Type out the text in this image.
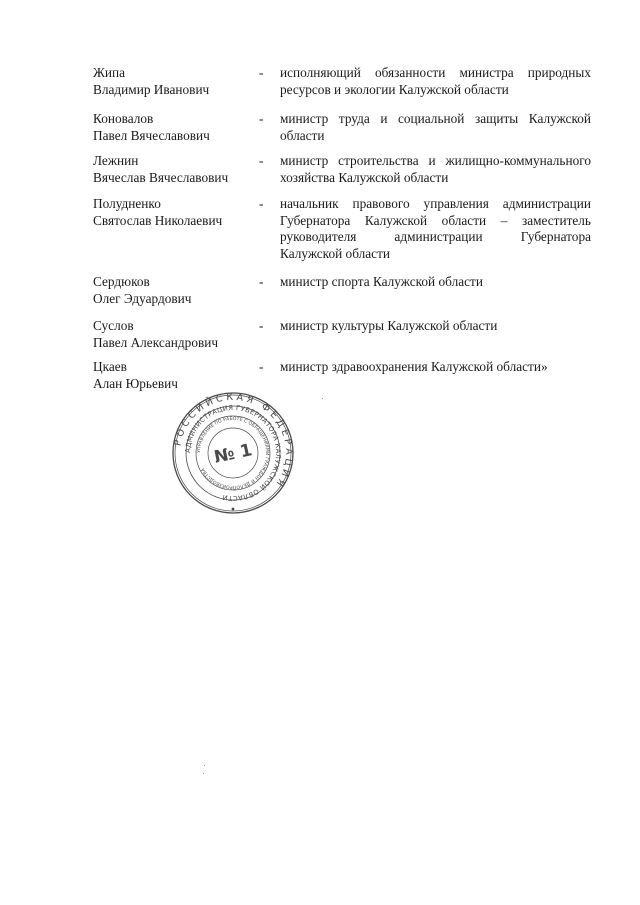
Жипа
Владимир Иванович
- исполняющий обязанности министра природных
ресурсов и экологии Калужской области
Коновалов
Павел Вячеславович
- министр труда и социальной защиты Калужской
области
Лежнин
Вячеслав Вячеславович
- министр строительства и жилищно-коммунального
хозяйства Калужской области
Полудненко
Святослав Николаевич
- начальник правового управления администрации
Губернатора Калужской области – заместитель
руководителя администрации Губернатора
Калужской области
Сердюков
Олег Эдуардович
- министр спорта Калужской области
Суслов
Павел Александрович
- министр культуры Калужской области
Цкаев
Алан Юрьевич
- министр здравоохранения Калужской области»
РОССИЙСКАЯ ФЕДЕРАЦИЯ
АДМИНИСТРАЦИЯ ГУБЕРНАТОРА КАЛУЖСКОЙ ОБЛАСТИ
УПРАВЛЕНИЕ ПО РАБОТЕ С ОБРАЩЕНИЯМИ ГРАЖДАН И ДЕЛОПРОИЗВОДСТВА
№ 1
